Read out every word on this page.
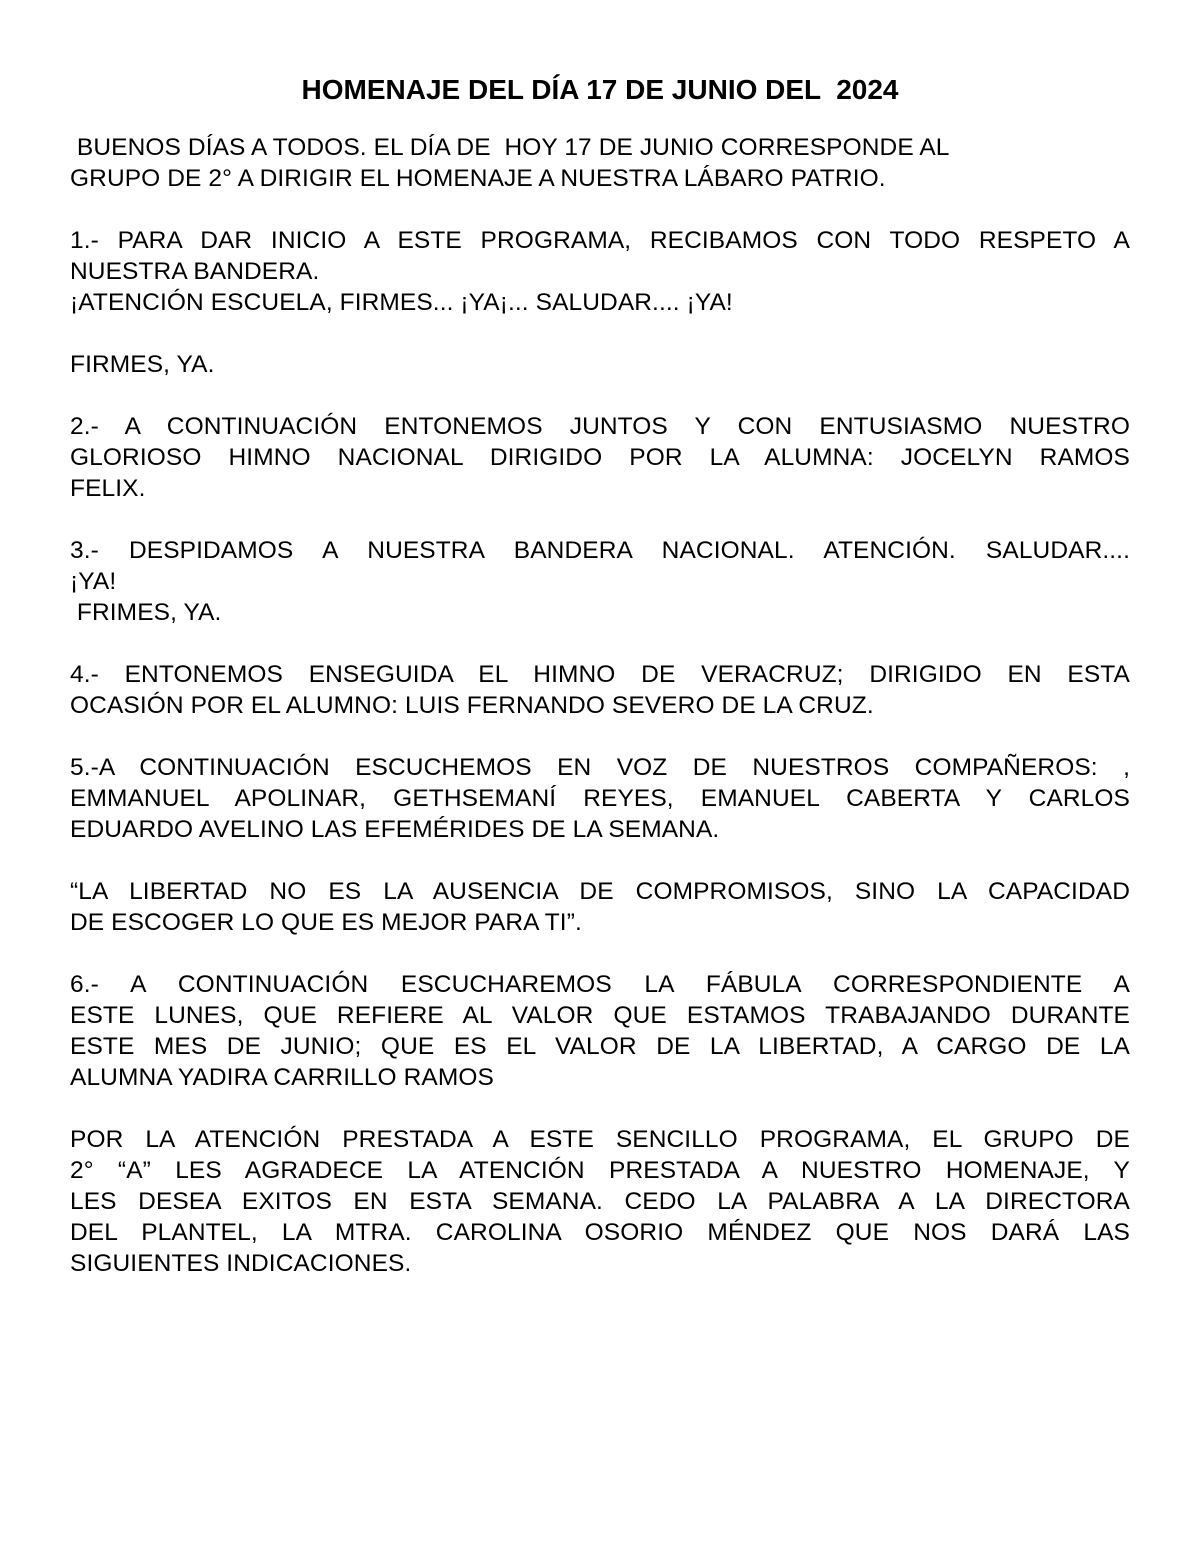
HOMENAJE DEL DÍA 17 DE JUNIO DEL  2024
BUENOS DÍAS A TODOS. EL DÍA DE  HOY 17 DE JUNIO CORRESPONDE AL
GRUPO DE 2° A DIRIGIR EL HOMENAJE A NUESTRA LÁBARO PATRIO.
1.- PARA DAR INICIO A ESTE PROGRAMA, RECIBAMOS CON TODO RESPETO A
NUESTRA BANDERA.
¡ATENCIÓN ESCUELA, FIRMES... ¡YA¡... SALUDAR.... ¡YA!
FIRMES, YA.
2.- A CONTINUACIÓN ENTONEMOS JUNTOS Y CON ENTUSIASMO NUESTRO
GLORIOSO HIMNO NACIONAL DIRIGIDO POR LA ALUMNA: JOCELYN RAMOS
FELIX.
3.- DESPIDAMOS A NUESTRA BANDERA NACIONAL. ATENCIÓN. SALUDAR....
¡YA!
FRIMES, YA.
4.- ENTONEMOS ENSEGUIDA EL HIMNO DE VERACRUZ; DIRIGIDO EN ESTA
OCASIÓN POR EL ALUMNO: LUIS FERNANDO SEVERO DE LA CRUZ.
5.-A CONTINUACIÓN ESCUCHEMOS EN VOZ DE NUESTROS COMPAÑEROS: ,
EMMANUEL APOLINAR, GETHSEMANÍ REYES, EMANUEL CABERTA Y CARLOS
EDUARDO AVELINO LAS EFEMÉRIDES DE LA SEMANA.
“LA LIBERTAD NO ES LA AUSENCIA DE COMPROMISOS, SINO LA CAPACIDAD
DE ESCOGER LO QUE ES MEJOR PARA TI”.
6.- A CONTINUACIÓN ESCUCHAREMOS LA FÁBULA CORRESPONDIENTE A
ESTE LUNES, QUE REFIERE AL VALOR QUE ESTAMOS TRABAJANDO DURANTE
ESTE MES DE JUNIO; QUE ES EL VALOR DE LA LIBERTAD, A CARGO DE LA
ALUMNA YADIRA CARRILLO RAMOS
POR LA ATENCIÓN PRESTADA A ESTE SENCILLO PROGRAMA, EL GRUPO DE
2° “A” LES AGRADECE LA ATENCIÓN PRESTADA A NUESTRO HOMENAJE, Y
LES DESEA EXITOS EN ESTA SEMANA. CEDO LA PALABRA A LA DIRECTORA
DEL PLANTEL, LA MTRA. CAROLINA OSORIO MÉNDEZ QUE NOS DARÁ LAS
SIGUIENTES INDICACIONES.
